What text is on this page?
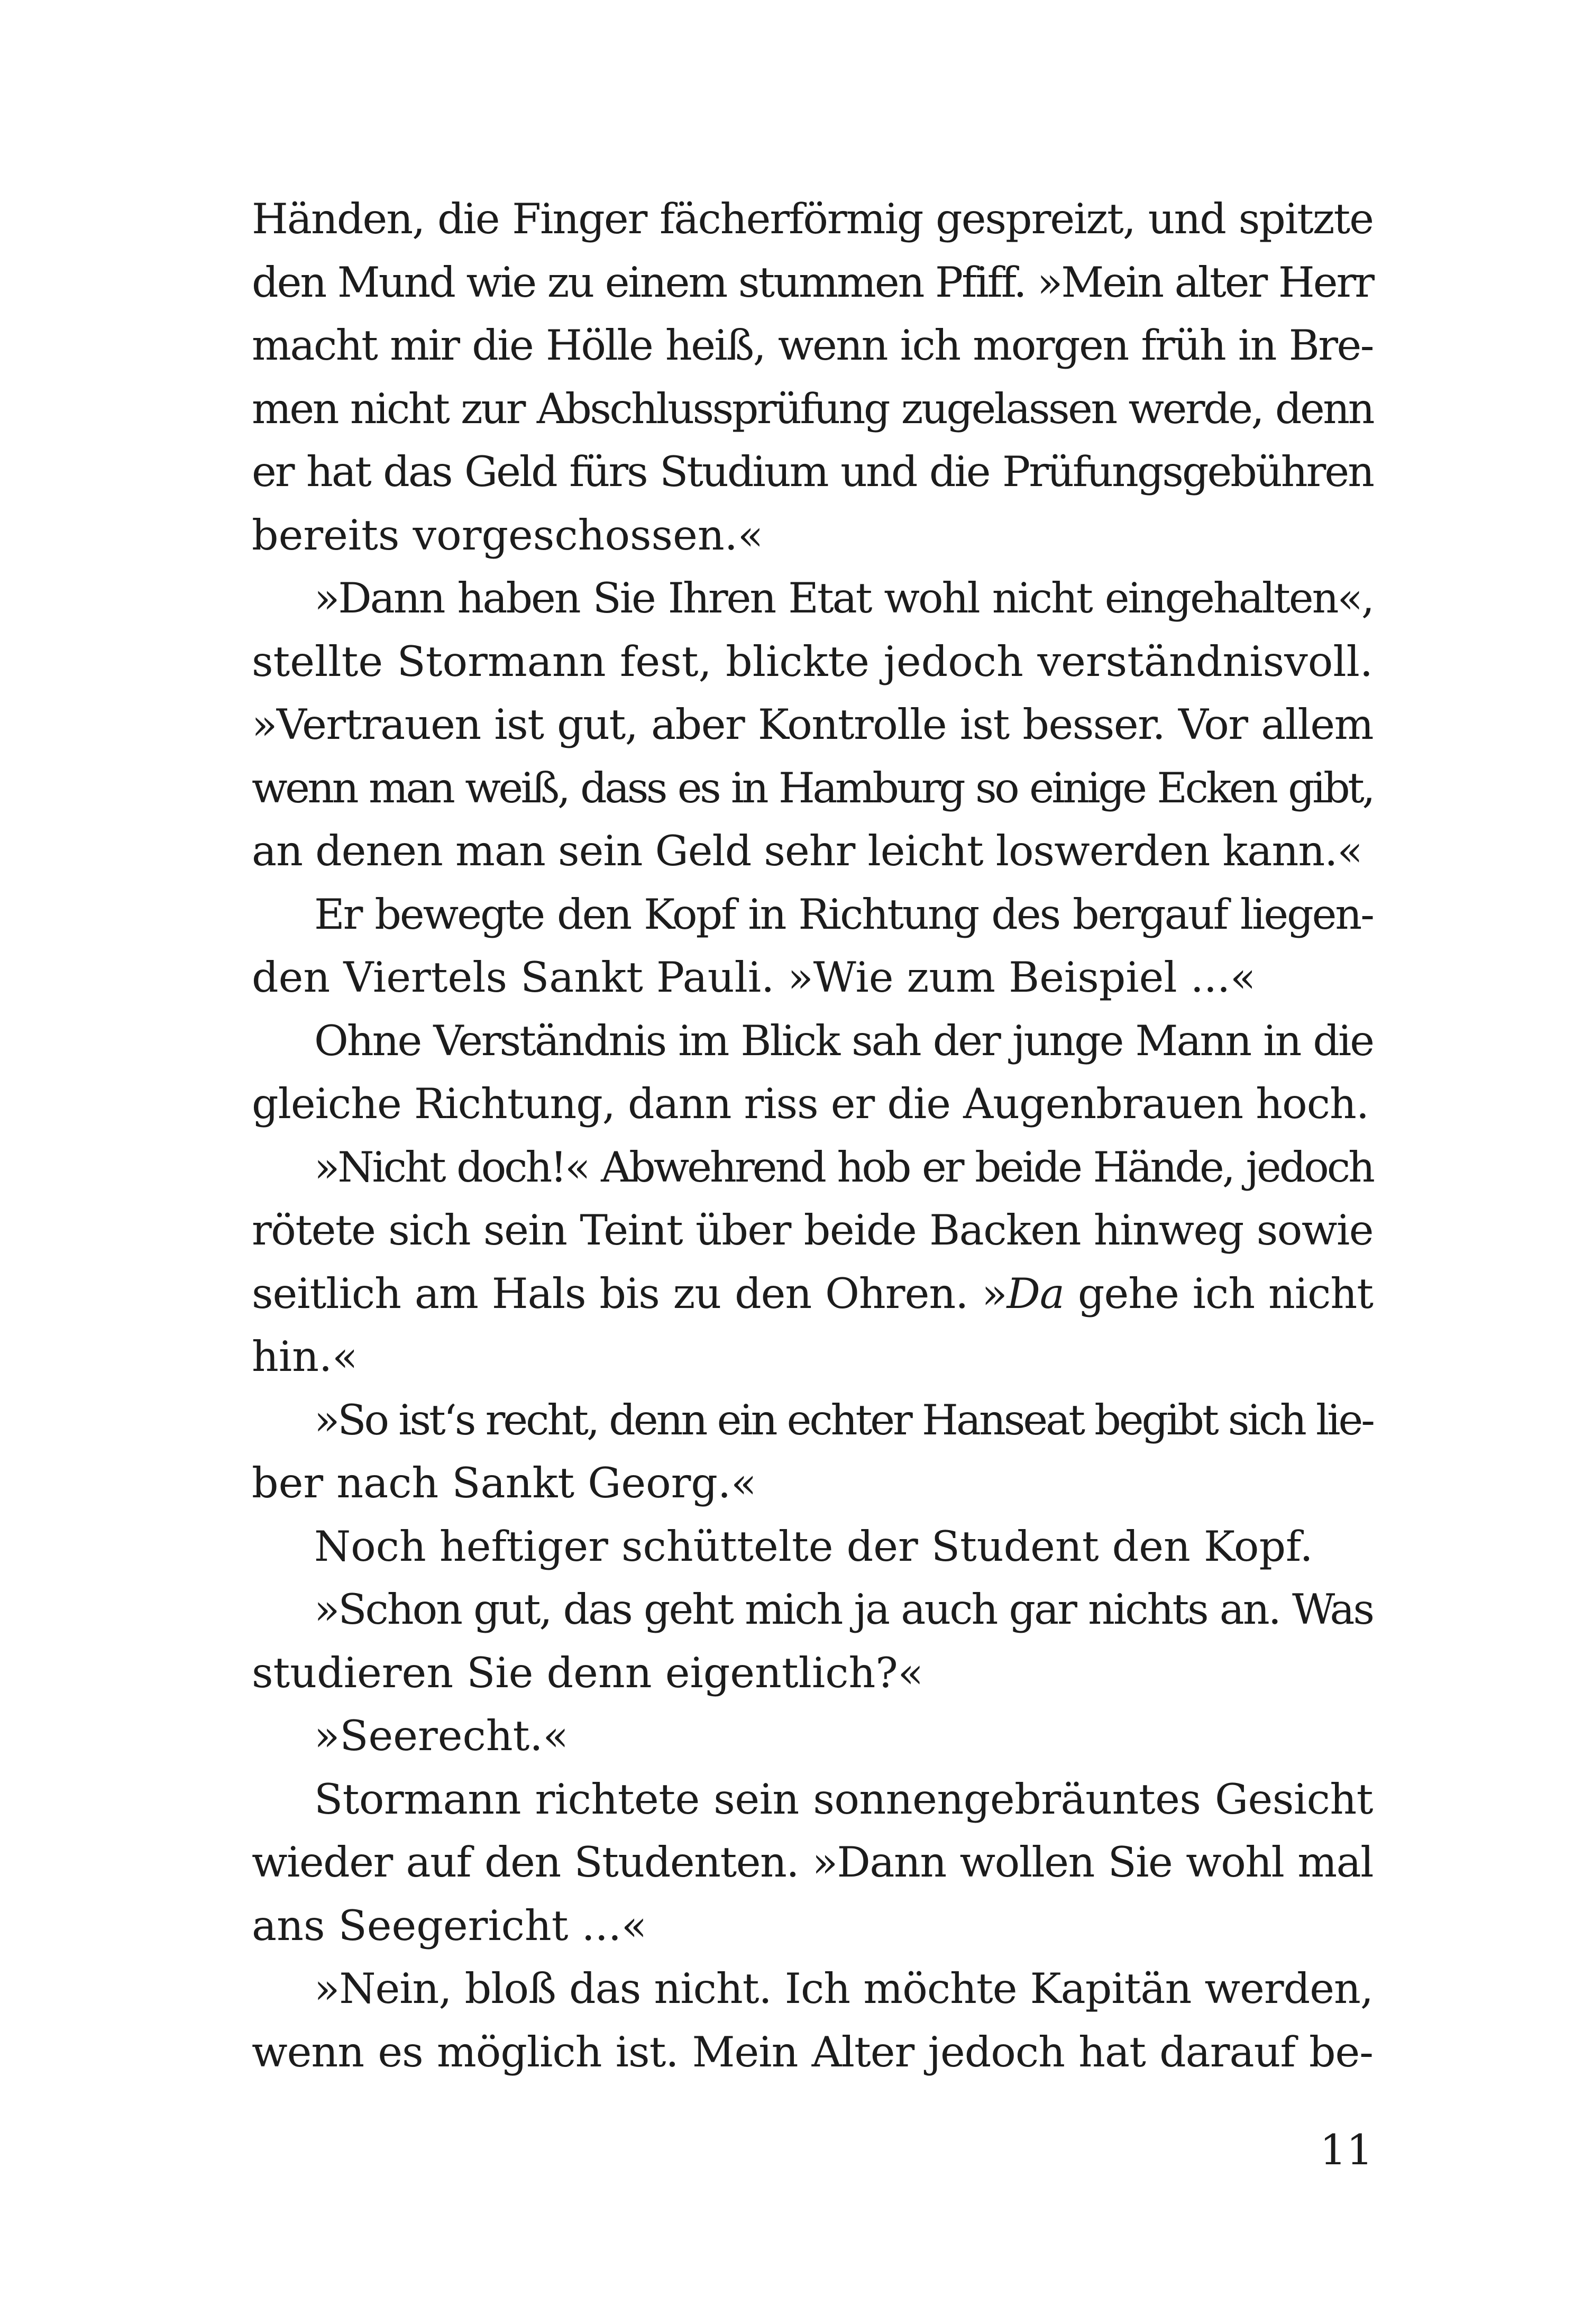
Händen, die Finger fächerförmig gespreizt, und spitzte
den Mund wie zu einem stummen Pfiff. »Mein alter Herr
macht mir die Hölle heiß, wenn ich morgen früh in Bre-
men nicht zur Abschlussprüfung zugelassen werde, denn
er hat das Geld fürs Studium und die Prüfungsgebühren
bereits vorgeschossen.«
»Dann haben Sie Ihren Etat wohl nicht eingehalten«,
stellte Stormann fest, blickte jedoch verständnisvoll.
»Vertrauen ist gut, aber Kontrolle ist besser. Vor allem
wenn man weiß, dass es in Hamburg so einige Ecken gibt,
an denen man sein Geld sehr leicht loswerden kann.«
Er bewegte den Kopf in Richtung des bergauf liegen-
den Viertels Sankt Pauli. »Wie zum Beispiel ...«
Ohne Verständnis im Blick sah der junge Mann in die
gleiche Richtung, dann riss er die Augenbrauen hoch.
»Nicht doch!« Abwehrend hob er beide Hände, jedoch
rötete sich sein Teint über beide Backen hinweg sowie
seitlich am Hals bis zu den Ohren. »Da gehe ich nicht
hin.«
»So ist‘s recht, denn ein echter Hanseat begibt sich lie-
ber nach Sankt Georg.«
Noch heftiger schüttelte der Student den Kopf.
»Schon gut, das geht mich ja auch gar nichts an. Was
studieren Sie denn eigentlich?«
»Seerecht.«
Stormann richtete sein sonnengebräuntes Gesicht
wieder auf den Studenten. »Dann wollen Sie wohl mal
ans Seegericht ...«
»Nein, bloß das nicht. Ich möchte Kapitän werden,
wenn es möglich ist. Mein Alter jedoch hat darauf be-
11
